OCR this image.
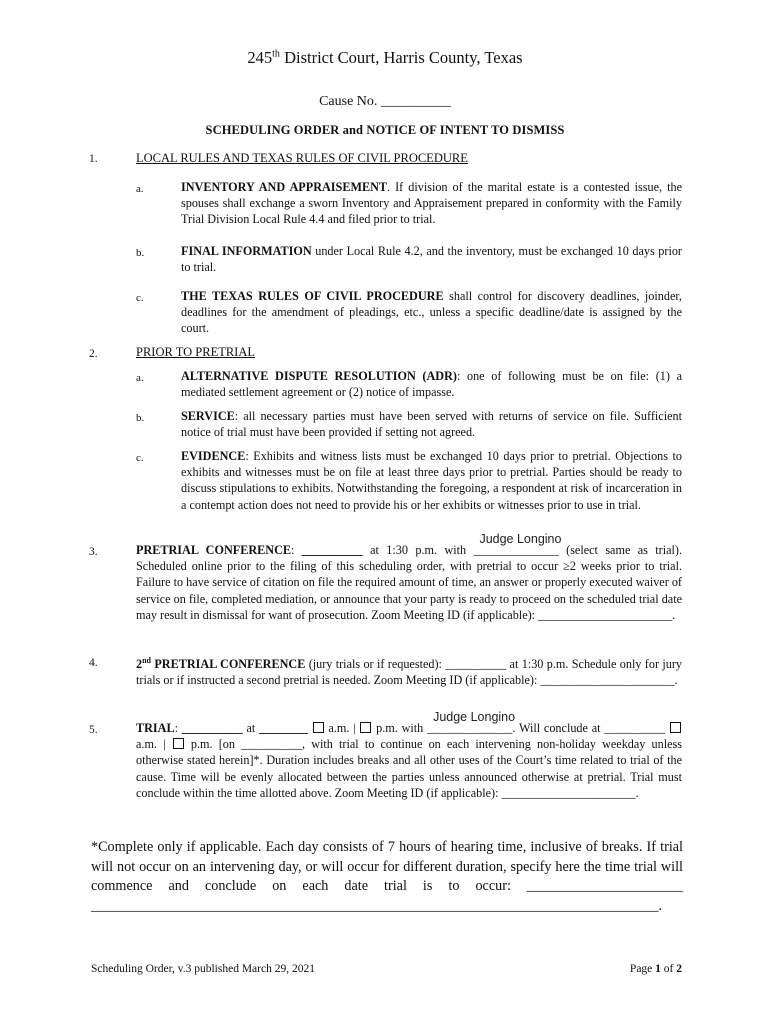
245th District Court, Harris County, Texas
Cause No. __________
SCHEDULING ORDER and NOTICE OF INTENT TO DISMISS
1.	LOCAL RULES AND TEXAS RULES OF CIVIL PROCEDURE
a.	INVENTORY AND APPRAISEMENT. If division of the marital estate is a contested issue, the spouses shall exchange a sworn Inventory and Appraisement prepared in conformity with the Family Trial Division Local Rule 4.4 and filed prior to trial.
b.	FINAL INFORMATION under Local Rule 4.2, and the inventory, must be exchanged 10 days prior to trial.
c.	THE TEXAS RULES OF CIVIL PROCEDURE shall control for discovery deadlines, joinder, deadlines for the amendment of pleadings, etc., unless a specific deadline/date is assigned by the court.
2.	PRIOR TO PRETRIAL
a.	ALTERNATIVE DISPUTE RESOLUTION (ADR): one of following must be on file: (1) a mediated settlement agreement or (2) notice of impasse.
b.	SERVICE: all necessary parties must have been served with returns of service on file. Sufficient notice of trial must have been provided if setting not agreed.
c.	EVIDENCE: Exhibits and witness lists must be exchanged 10 days prior to pretrial. Objections to exhibits and witnesses must be on file at least three days prior to pretrial. Parties should be ready to discuss stipulations to exhibits. Notwithstanding the foregoing, a respondent at risk of incarceration in a contempt action does not need to provide his or her exhibits or witnesses prior to use in trial.
3.	PRETRIAL CONFERENCE: __________ at 1:30 p.m. with ______________
Judge Longino
(select same as trial). Scheduled online prior to the filing of this scheduling order, with pretrial to occur ≥2 weeks prior to trial. Failure to have service of citation on file the required amount of time, an answer or properly executed waiver of service on file, completed mediation, or announce that your party is ready to proceed on the scheduled trial date may result in dismissal for want of prosecution. Zoom Meeting ID (if applicable): ______________________.
4.	2nd PRETRIAL CONFERENCE (jury trials or if requested): __________ at 1:30 p.m. Schedule only for jury trials or if instructed a second pretrial is needed. Zoom Meeting ID (if applicable): ______________________.
5.	TRIAL: __________ at ________  a.m. |  p.m. with ______________
Judge Longino
. Will conclude at __________ a.m. |  p.m. [on __________, with trial to continue on each intervening non-holiday weekday unless otherwise stated herein]*. Duration includes breaks and all other uses of the Court’s time related to trial of the cause. Time will be evenly allocated between the parties unless announced otherwise at pretrial. Trial must conclude within the time allotted above. Zoom Meeting ID (if applicable): ______________________.
*Complete only if applicable. Each day consists of 7 hours of hearing time, inclusive of breaks. If trial will not occur on an intervening day, or will occur for different duration, specify here the time trial will commence and conclude on each date trial is to occur: ______________________ ________________________________________________________________________________.
Scheduling Order, v.3 published March 29, 2021	Page 1 of 2
